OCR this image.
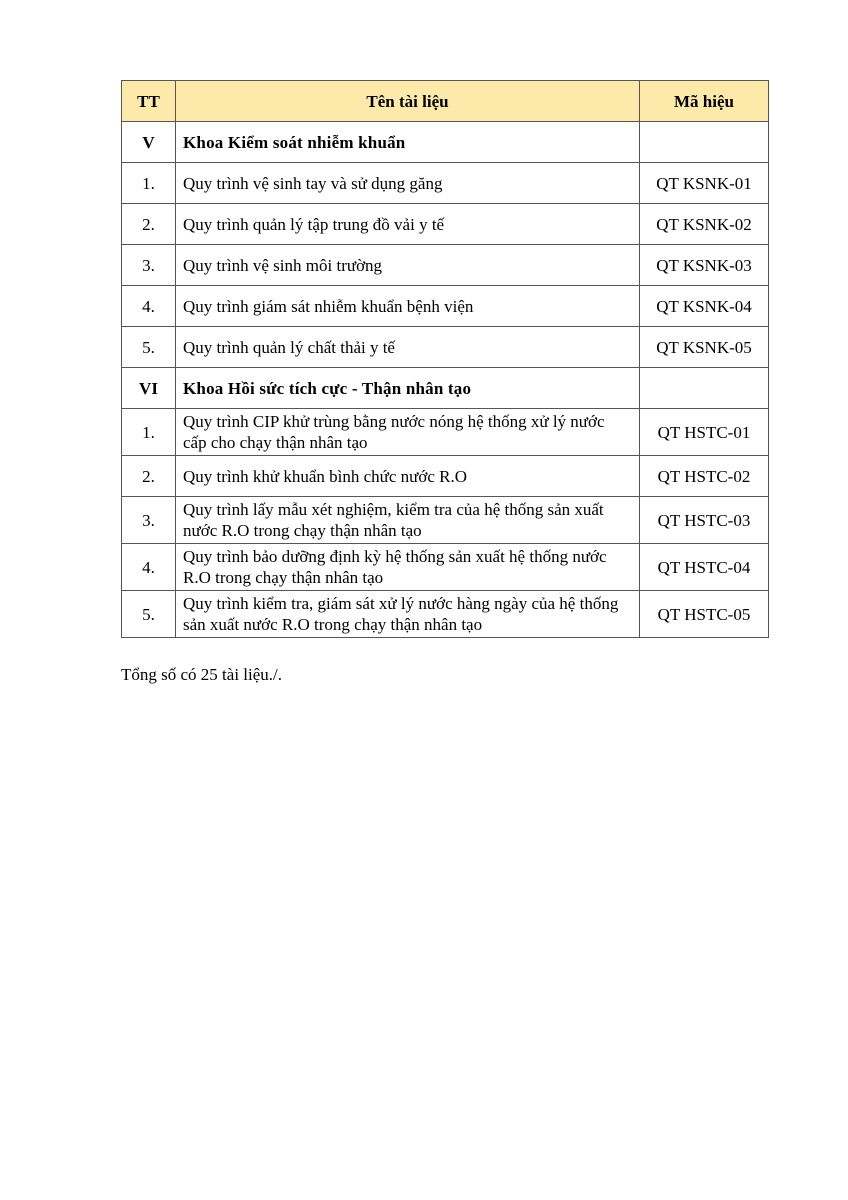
TT	Tên tài liệu	Mã hiệu
V	Khoa Kiểm soát nhiễm khuẩn	
1.	Quy trình vệ sinh tay và sử dụng găng	QT KSNK-01
2.	Quy trình quản lý tập trung đồ vải y tế	QT KSNK-02
3.	Quy trình vệ sinh môi trường	QT KSNK-03
4.	Quy trình giám sát nhiễm khuẩn bệnh viện	QT KSNK-04
5.	Quy trình quản lý chất thải y tế	QT KSNK-05
VI	Khoa Hồi sức tích cực - Thận nhân tạo	
1.	Quy trình CIP khử trùng bằng nước nóng hệ thống xử lý nước cấp cho chạy thận nhân tạo	QT HSTC-01
2.	Quy trình khử khuẩn bình chức nước R.O	QT HSTC-02
3.	Quy trình lấy mẫu xét nghiệm, kiểm tra của hệ thống sản xuất nước R.O trong chạy thận nhân tạo	QT HSTC-03
4.	Quy trình bảo dưỡng định kỳ hệ thống sản xuất hệ thống nước R.O trong chạy thận nhân tạo	QT HSTC-04
5.	Quy trình kiểm tra, giám sát xử lý nước hàng ngày của hệ thống sản xuất nước R.O trong chạy thận nhân tạo	QT HSTC-05
Tổng số có 25 tài liệu./.
